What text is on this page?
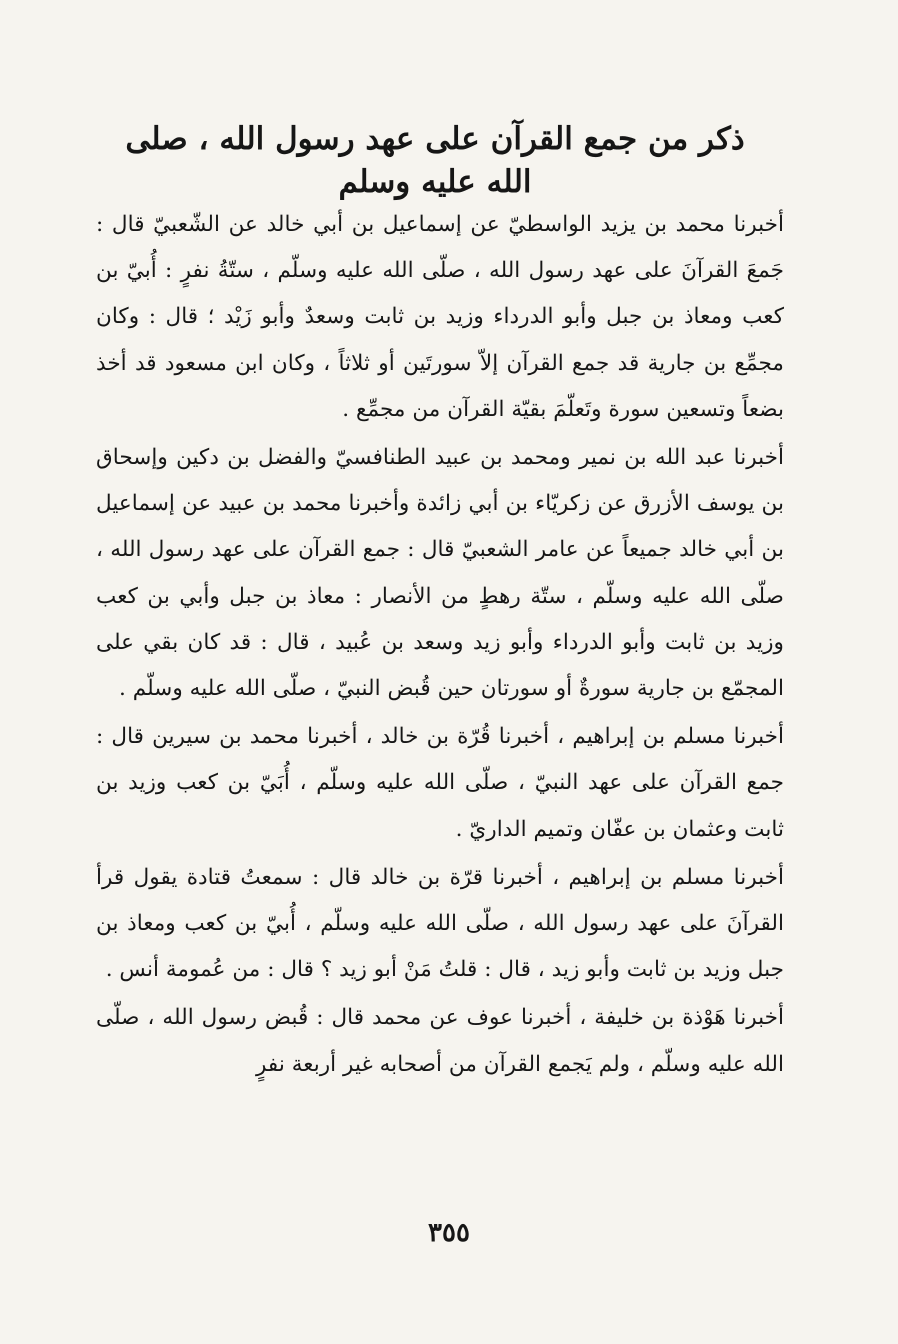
ذكر من جمع القرآن على عهد رسول الله ، صلى الله عليه وسلم

أخبرنا محمد بن يزيد الواسطيّ عن إسماعيل بن أبي خالد عن الشّعبيّ قال : جَمعَ القرآنَ على عهد رسول الله ، صلّى الله عليه وسلّم ، ستّةُ نفرٍ : أُبيّ بن كعب ومعاذ بن جبل وأبو الدرداء وزيد بن ثابت وسعدٌ وأبو زَيْد ؛ قال : وكان مجمِّع بن جارية قد جمع القرآن إلاّ سورتَين أو ثلاثاً ، وكان ابن مسعود قد أخذ بضعاً وتسعين سورة وتَعلّمَ بقيّة القرآن من مجمِّع .

أخبرنا عبد الله بن نمير ومحمد بن عبيد الطنافسيّ والفضل بن دكين وإسحاق بن يوسف الأزرق عن زكريّاء بن أبي زائدة وأخبرنا محمد بن عبيد عن إسماعيل بن أبي خالد جميعاً عن عامر الشعبيّ قال : جمع القرآن على عهد رسول الله ، صلّى الله عليه وسلّم ، ستّة رهطٍ من الأنصار : معاذ بن جبل وأبي بن كعب وزيد بن ثابت وأبو الدرداء وأبو زيد وسعد بن عُبيد ، قال : قد كان بقي على المجمّع بن جارية سورةٌ أو سورتان حين قُبض النبيّ ، صلّى الله عليه وسلّم .

أخبرنا مسلم بن إبراهيم ، أخبرنا قُرّة بن خالد ، أخبرنا محمد بن سيرين قال : جمع القرآن على عهد النبيّ ، صلّى الله عليه وسلّم ، أُبَيّ بن كعب وزيد بن ثابت وعثمان بن عفّان وتميم الداريّ .

أخبرنا مسلم بن إبراهيم ، أخبرنا قرّة بن خالد قال : سمعتُ قتادة يقول قرأ القرآنَ على عهد رسول الله ، صلّى الله عليه وسلّم ، أُبيّ بن كعب ومعاذ بن جبل وزيد بن ثابت وأبو زيد ، قال : قلتُ مَنْ أبو زيد ؟ قال : من عُمومة أنس .

أخبرنا هَوْذة بن خليفة ، أخبرنا عوف عن محمد قال : قُبض رسول الله ، صلّى الله عليه وسلّم ، ولم يَجمع القرآن من أصحابه غير أربعة نفرٍ

٣٥٥
